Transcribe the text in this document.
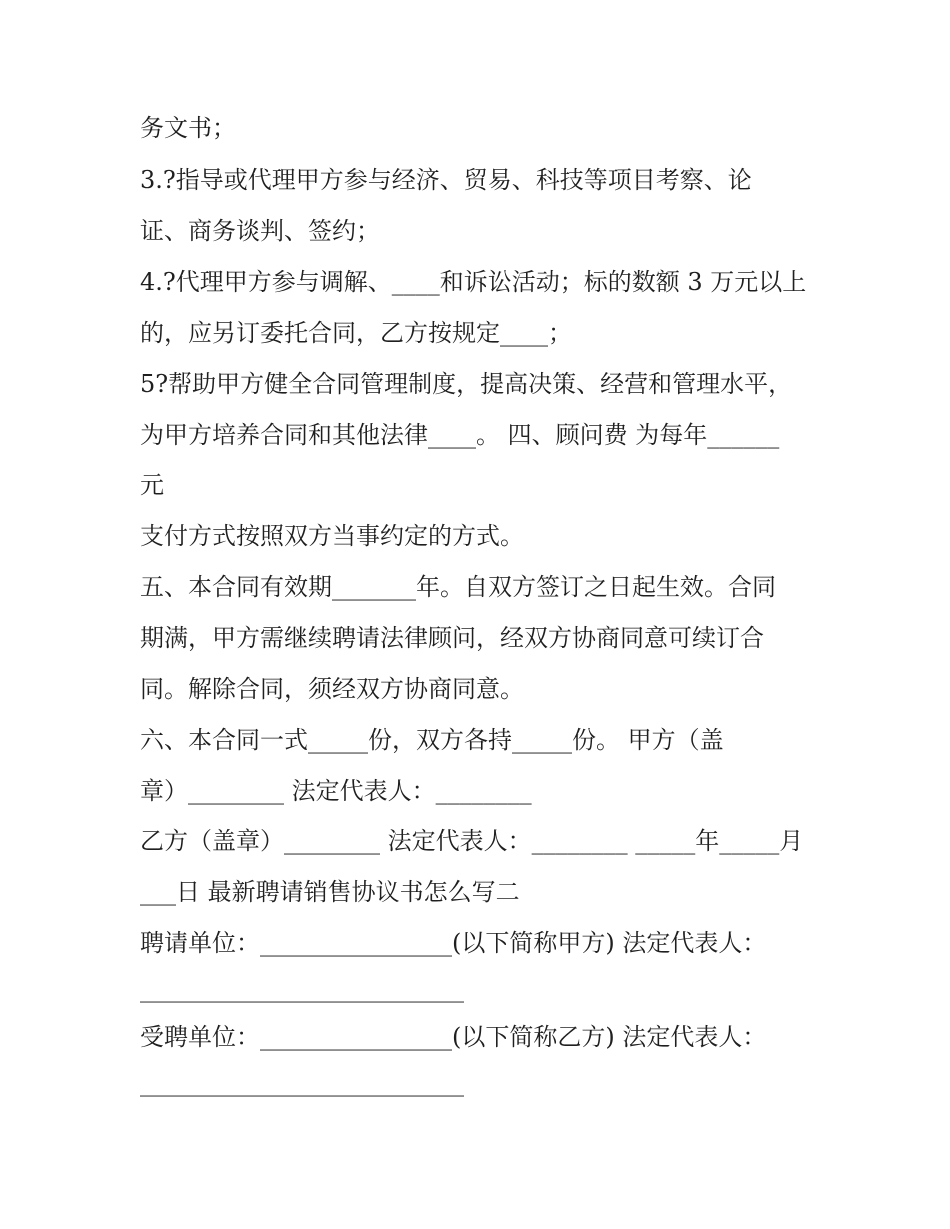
务文书；
3.?指导或代理甲方参与经济、贸易、科技等项目考察、论
证、商务谈判、签约；
4.?代理甲方参与调解、____和诉讼活动；标的数额 3 万元以上
的，应另订委托合同，乙方按规定____；
5?帮助甲方健全合同管理制度，提高决策、经营和管理水平，
为甲方培养合同和其他法律____。 四、顾问费 为每年______
元
支付方式按照双方当事约定的方式。
五、本合同有效期_______年。自双方签订之日起生效。合同
期满，甲方需继续聘请法律顾问，经双方协商同意可续订合
同。解除合同，须经双方协商同意。
六、本合同一式_____份，双方各持_____份。 甲方（盖
章）________ 法定代表人：________
乙方（盖章）________ 法定代表人：________ _____年_____月
___日 最新聘请销售协议书怎么写二
聘请单位：________________(以下简称甲方) 法定代表人：
___________________________
受聘单位：________________(以下简称乙方) 法定代表人：
___________________________
